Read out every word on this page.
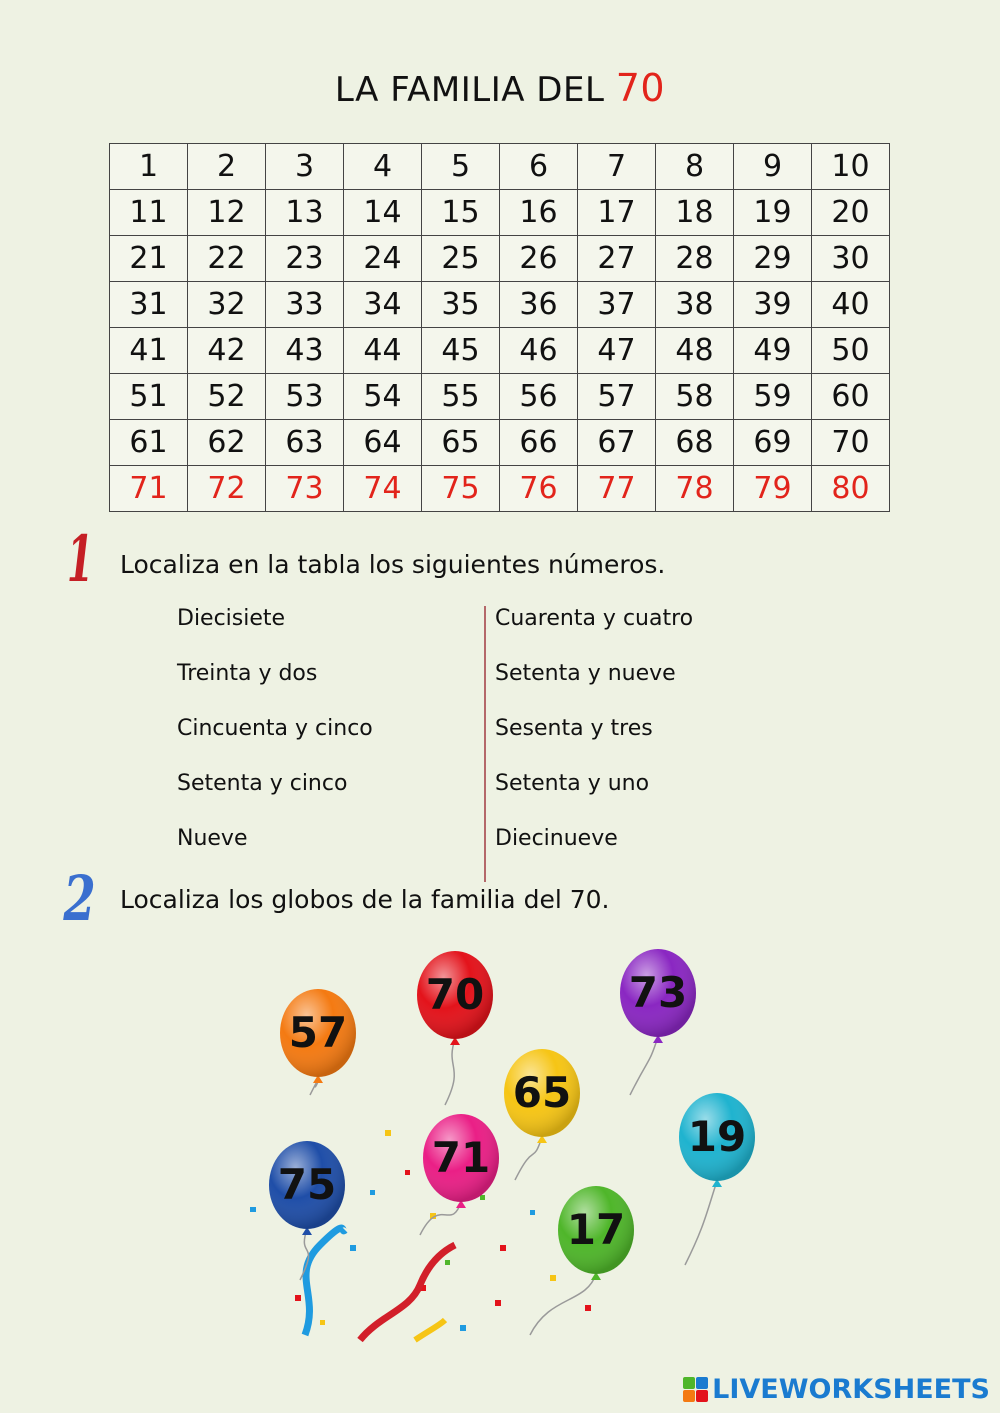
LA FAMILIA DEL 70
1	2	3	4	5	6	7	8	9	10
11	12	13	14	15	16	17	18	19	20
21	22	23	24	25	26	27	28	29	30
31	32	33	34	35	36	37	38	39	40
41	42	43	44	45	46	47	48	49	50
51	52	53	54	55	56	57	58	59	60
61	62	63	64	65	66	67	68	69	70
71	72	73	74	75	76	77	78	79	80
1 Localiza en la tabla los siguientes números.
Diecisiete
Treinta y dos
Cincuenta y cinco
Setenta y cinco
Nueve
Cuarenta y cuatro
Setenta y nueve
Sesenta y tres
Setenta y uno
Diecinueve
2 Localiza los globos de la familia del 70.
57
70	73
65
19
75
71
17
LIVEWORKSHEETS
